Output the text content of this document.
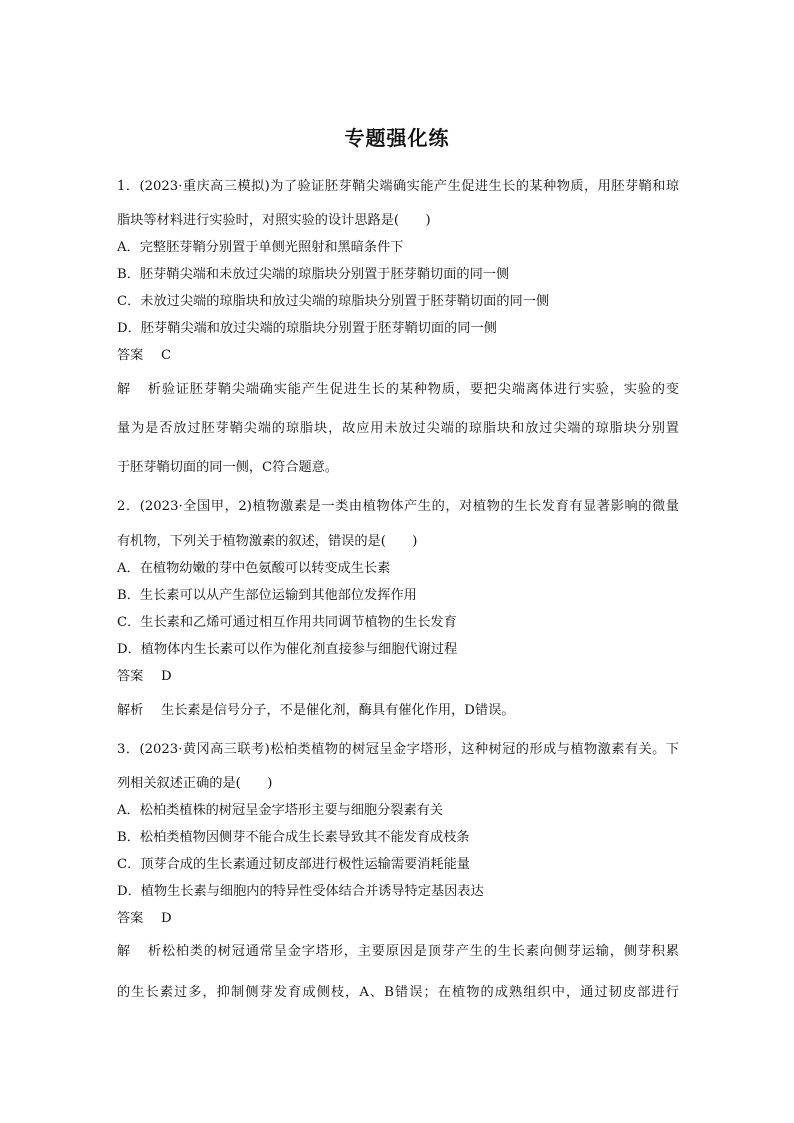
专题强化练
1．(2023·重庆高三模拟)为了验证胚芽鞘尖端确实能产生促进生长的某种物质，用胚芽鞘和琼
脂块等材料进行实验时，对照实验的设计思路是(　　)
A．完整胚芽鞘分别置于单侧光照射和黑暗条件下
B．胚芽鞘尖端和未放过尖端的琼脂块分别置于胚芽鞘切面的同一侧
C．未放过尖端的琼脂块和放过尖端的琼脂块分别置于胚芽鞘切面的同一侧
D．胚芽鞘尖端和放过尖端的琼脂块分别置于胚芽鞘切面的同一侧
答案 C
解析验证胚芽鞘尖端确实能产生促进生长的某种物质，要把尖端离体进行实验，实验的变
量为是否放过胚芽鞘尖端的琼脂块，故应用未放过尖端的琼脂块和放过尖端的琼脂块分别置
于胚芽鞘切面的同一侧，C符合题意。
2．(2023·全国甲，2)植物激素是一类由植物体产生的，对植物的生长发育有显著影响的微量
有机物，下列关于植物激素的叙述，错误的是(　　)
A．在植物幼嫩的芽中色氨酸可以转变成生长素
B．生长素可以从产生部位运输到其他部位发挥作用
C．生长素和乙烯可通过相互作用共同调节植物的生长发育
D．植物体内生长素可以作为催化剂直接参与细胞代谢过程
答案 D
解析 生长素是信号分子，不是催化剂，酶具有催化作用，D错误。
3．(2023·黄冈高三联考)松柏类植物的树冠呈金字塔形，这种树冠的形成与植物激素有关。下
列相关叙述正确的是(　　)
A．松柏类植株的树冠呈金字塔形主要与细胞分裂素有关
B．松柏类植物因侧芽不能合成生长素导致其不能发育成枝条
C．顶芽合成的生长素通过韧皮部进行极性运输需要消耗能量
D．植物生长素与细胞内的特异性受体结合并诱导特定基因表达
答案 D
解析松柏类的树冠通常呈金字塔形，主要原因是顶芽产生的生长素向侧芽运输，侧芽积累
的生长素过多，抑制侧芽发育成侧枝，A、B错误；在植物的成熟组织中，通过韧皮部进行
